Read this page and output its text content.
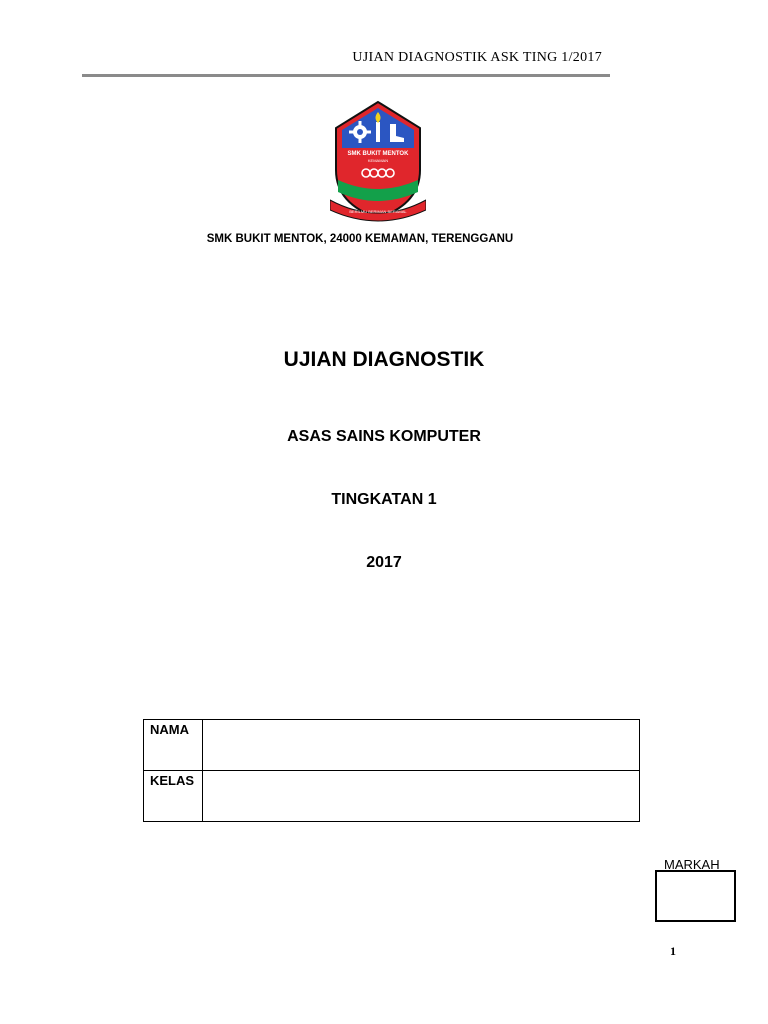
UJIAN DIAGNOSTIK ASK TING 1/2017
SMK BUKIT MENTOK
KEMAMAN
BERILMU BERIMAN BERAMAL
SMK BUKIT MENTOK, 24000 KEMAMAN, TERENGGANU
UJIAN DIAGNOSTIK
ASAS SAINS KOMPUTER
TINGKATAN 1
2017
NAMA	
KELAS	
MARKAH
1
